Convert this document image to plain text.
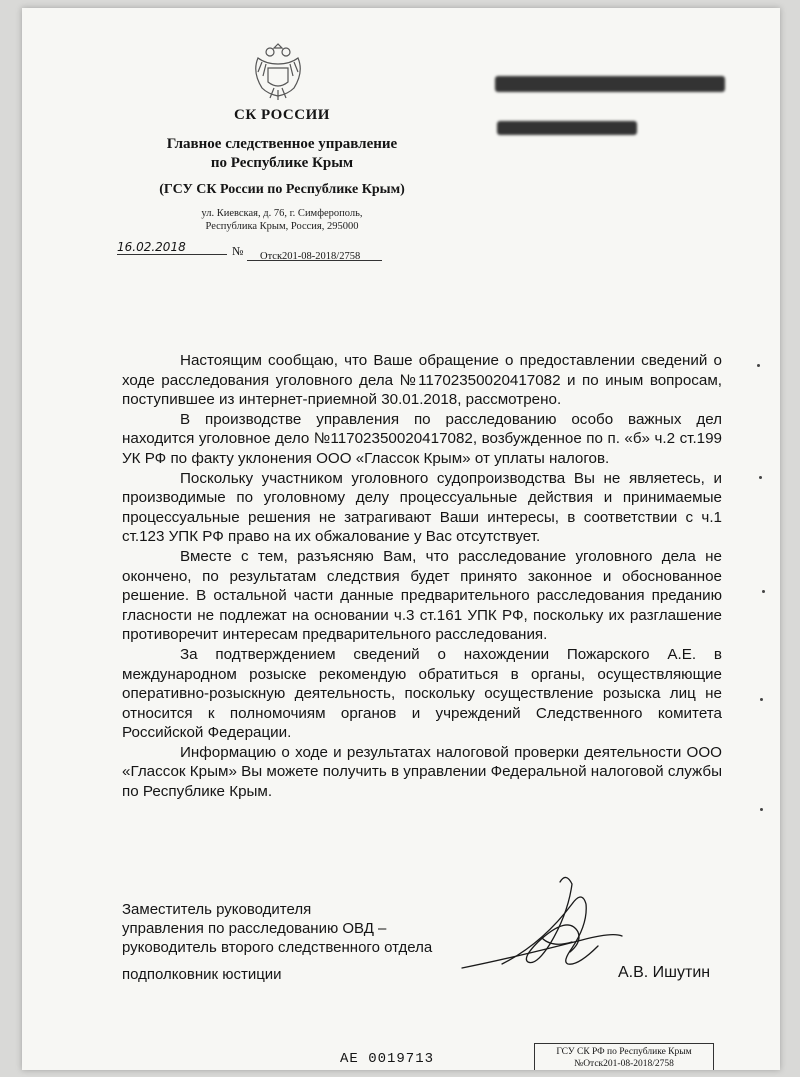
СК РОССИИ
Главное следственное управление
по Республике Крым
(ГСУ СК России по Республике Крым)
ул. Киевская, д. 76, г. Симферополь,
Республика Крым, Россия, 295000
16.02.2018	№ Отск201-08-2018/2758

Настоящим сообщаю, что Ваше обращение о предоставлении сведений о ходе расследования уголовного дела №11702350020417082 и по иным вопросам, поступившее из интернет-приемной 30.01.2018, рассмотрено.

В производстве управления по расследованию особо важных дел находится уголовное дело №11702350020417082, возбужденное по п. «б» ч.2 ст.199 УК РФ по факту уклонения ООО «Глассок Крым» от уплаты налогов.

Поскольку участником уголовного судопроизводства Вы не являетесь, и производимые по уголовному делу процессуальные действия и принимаемые процессуальные решения не затрагивают Ваши интересы, в соответствии с ч.1 ст.123 УПК РФ право на их обжалование у Вас отсутствует.

Вместе с тем, разъясняю Вам, что расследование уголовного дела не окончено, по результатам следствия будет принято законное и обоснованное решение. В остальной части данные предварительного расследования преданию гласности не подлежат на основании ч.3 ст.161 УПК РФ, поскольку их разглашение противоречит интересам предварительного расследования.

За подтверждением сведений о нахождении Пожарского А.Е. в международном розыске рекомендую обратиться в органы, осуществляющие оперативно-розыскную деятельность, поскольку осуществление розыска лиц не относится к полномочиям органов и учреждений Следственного комитета Российской Федерации.

Информацию о ходе и результатах налоговой проверки деятельности ООО «Глассок Крым» Вы можете получить в управлении Федеральной налоговой службы по Республике Крым.

Заместитель руководителя
управления по расследованию ОВД –
руководитель второго следственного отдела
подполковник юстиции	А.В. Ишутин
АЕ 0019713	ГСУ СК РФ по Республике Крым
№Отск201-08-2018/2758
